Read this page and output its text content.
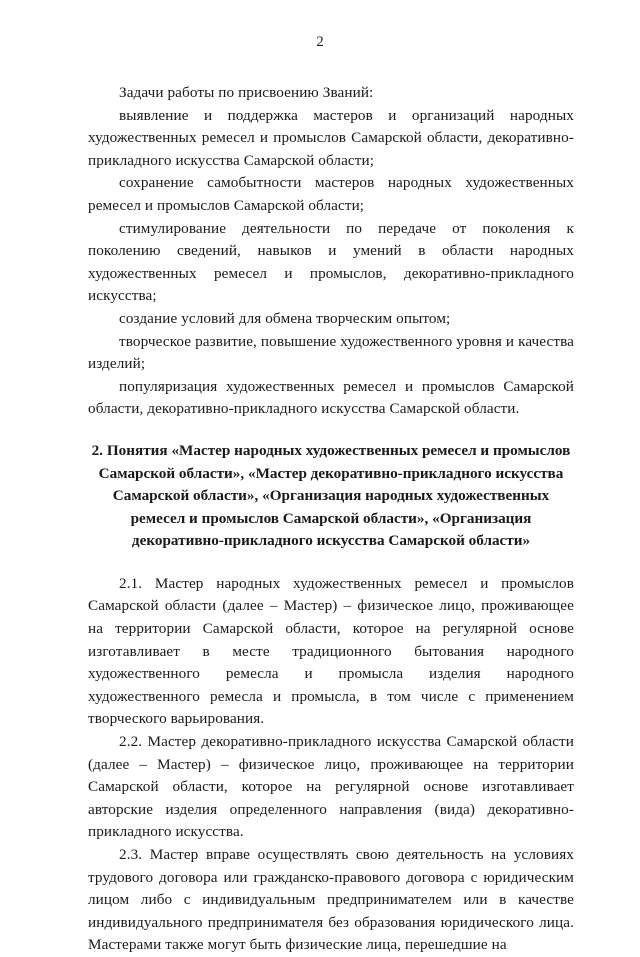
2

Задачи работы по присвоению Званий:

выявление и поддержка мастеров и организаций народных художественных ремесел и промыслов Самарской области, декоративно-прикладного искусства Самарской области;

сохранение самобытности мастеров народных художественных ремесел и промыслов Самарской области;

стимулирование деятельности по передаче от поколения к поколению сведений, навыков и умений в области народных художественных ремесел и промыслов, декоративно-прикладного искусства;

создание условий для обмена творческим опытом;

творческое развитие, повышение художественного уровня и качества изделий;

популяризация художественных ремесел и промыслов Самарской области, декоративно-прикладного искусства Самарской области.

2. Понятия «Мастер народных художественных ремесел и промыслов Самарской области», «Мастер декоративно-прикладного искусства Самарской области», «Организация народных художественных ремесел и промыслов Самарской области», «Организация декоративно-прикладного искусства Самарской области»

2.1. Мастер народных художественных ремесел и промыслов Самарской области (далее – Мастер) – физическое лицо, проживающее на территории Самарской области, которое на регулярной основе изготавливает в месте традиционного бытования народного художественного ремесла и промысла изделия народного художественного ремесла и промысла, в том числе с применением творческого варьирования.

2.2. Мастер декоративно-прикладного искусства Самарской области (далее – Мастер) – физическое лицо, проживающее на территории Самарской области, которое на регулярной основе изготавливает авторские изделия определенного направления (вида) декоративно-прикладного искусства.

2.3. Мастер вправе осуществлять свою деятельность на условиях трудового договора или гражданско-правового договора с юридическим лицом либо с индивидуальным предпринимателем или в качестве индивидуального предпринимателя без образования юридического лица. Мастерами также могут быть физические лица, перешедшие на
